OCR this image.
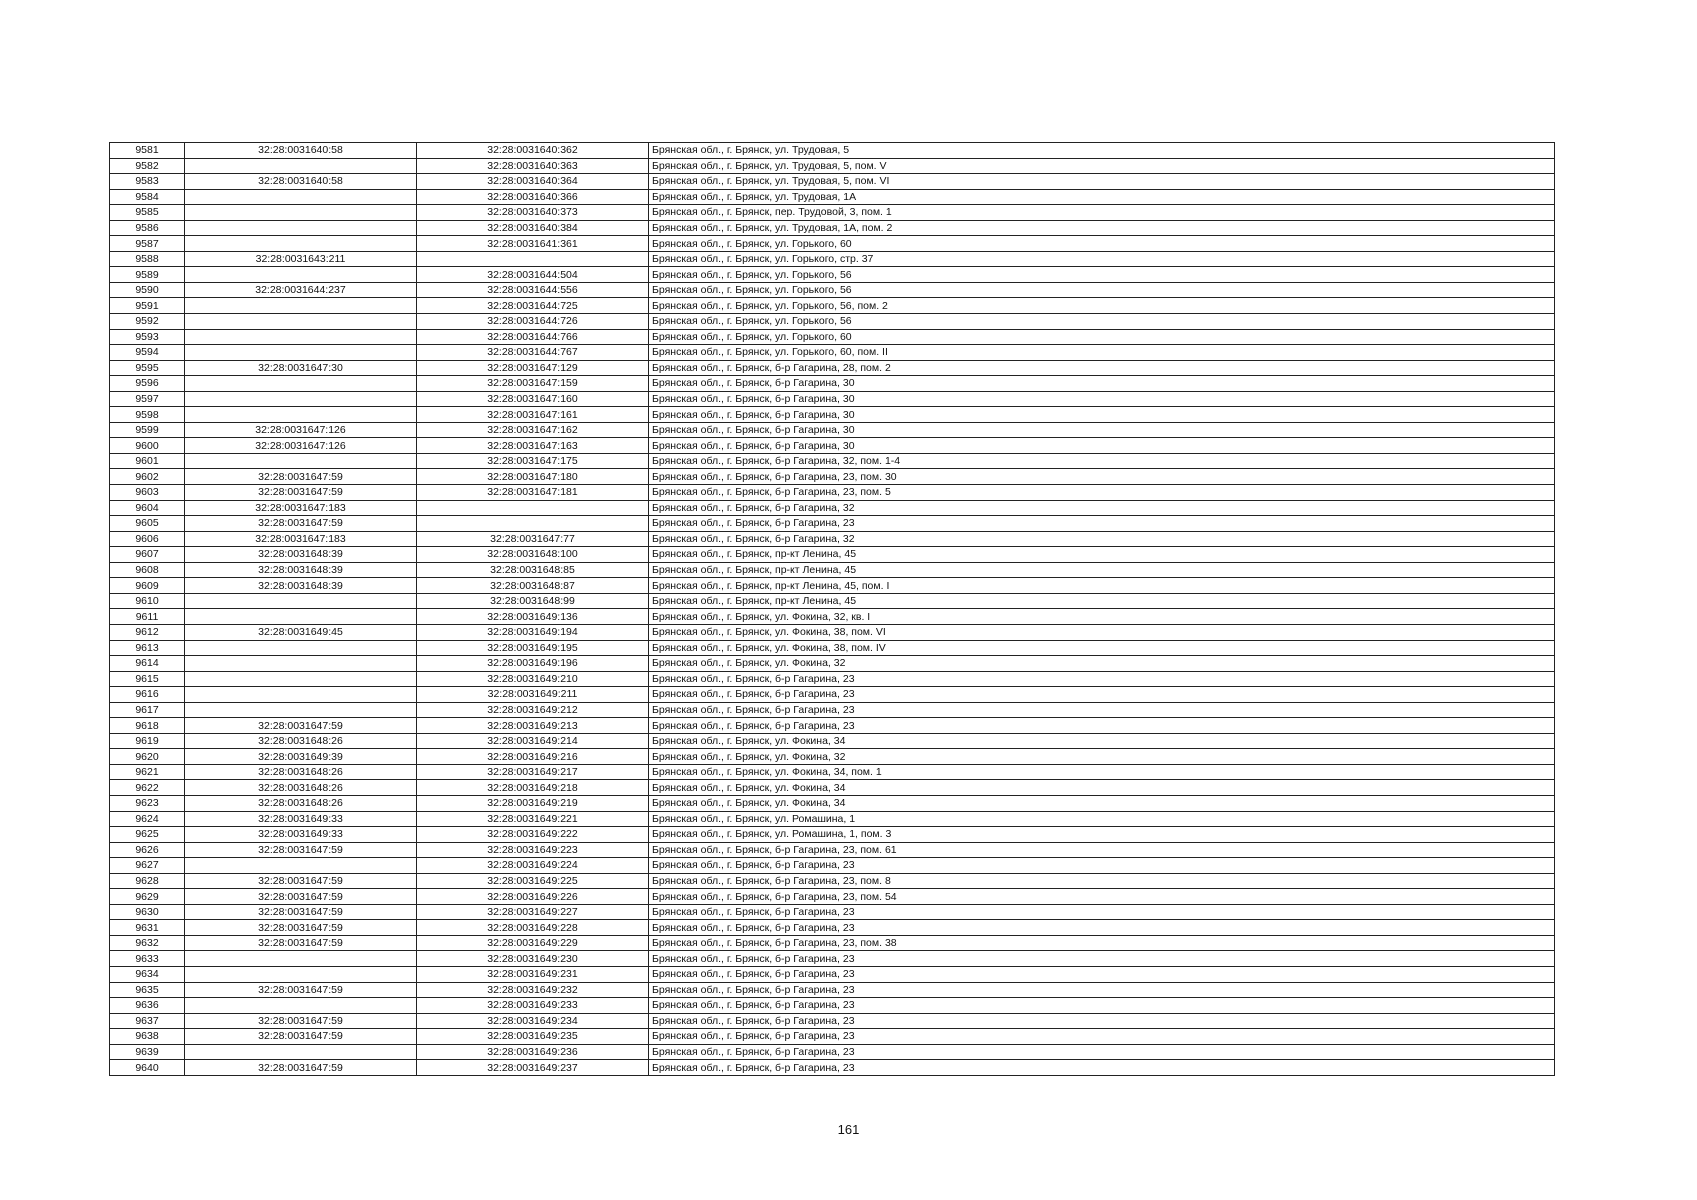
9581	32:28:0031640:58	32:28:0031640:362	Брянская обл., г. Брянск, ул. Трудовая, 5
9582		32:28:0031640:363	Брянская обл., г. Брянск, ул. Трудовая, 5, пом. V
9583	32:28:0031640:58	32:28:0031640:364	Брянская обл., г. Брянск, ул. Трудовая, 5, пом. VI
9584		32:28:0031640:366	Брянская обл., г. Брянск, ул. Трудовая, 1А
9585		32:28:0031640:373	Брянская обл., г. Брянск, пер. Трудовой, 3, пом. 1
9586		32:28:0031640:384	Брянская обл., г. Брянск, ул. Трудовая, 1А, пом. 2
9587		32:28:0031641:361	Брянская обл., г. Брянск, ул. Горького, 60
9588	32:28:0031643:211		Брянская обл., г. Брянск, ул. Горького, стр. 37
9589		32:28:0031644:504	Брянская обл., г. Брянск, ул. Горького, 56
9590	32:28:0031644:237	32:28:0031644:556	Брянская обл., г. Брянск, ул. Горького, 56
9591		32:28:0031644:725	Брянская обл., г. Брянск, ул. Горького, 56, пом. 2
9592		32:28:0031644:726	Брянская обл., г. Брянск, ул. Горького, 56
9593		32:28:0031644:766	Брянская обл., г. Брянск, ул. Горького, 60
9594		32:28:0031644:767	Брянская обл., г. Брянск, ул. Горького, 60, пом. II
9595	32:28:0031647:30	32:28:0031647:129	Брянская обл., г. Брянск, б-р Гагарина, 28, пом. 2
9596		32:28:0031647:159	Брянская обл., г. Брянск, б-р Гагарина, 30
9597		32:28:0031647:160	Брянская обл., г. Брянск, б-р Гагарина, 30
9598		32:28:0031647:161	Брянская обл., г. Брянск, б-р Гагарина, 30
9599	32:28:0031647:126	32:28:0031647:162	Брянская обл., г. Брянск, б-р Гагарина, 30
9600	32:28:0031647:126	32:28:0031647:163	Брянская обл., г. Брянск, б-р Гагарина, 30
9601		32:28:0031647:175	Брянская обл., г. Брянск, б-р Гагарина, 32, пом. 1-4
9602	32:28:0031647:59	32:28:0031647:180	Брянская обл., г. Брянск, б-р Гагарина, 23, пом. 30
9603	32:28:0031647:59	32:28:0031647:181	Брянская обл., г. Брянск, б-р Гагарина, 23, пом. 5
9604	32:28:0031647:183		Брянская обл., г. Брянск, б-р Гагарина, 32
9605	32:28:0031647:59		Брянская обл., г. Брянск, б-р Гагарина, 23
9606	32:28:0031647:183	32:28:0031647:77	Брянская обл., г. Брянск, б-р Гагарина, 32
9607	32:28:0031648:39	32:28:0031648:100	Брянская обл., г. Брянск, пр-кт Ленина, 45
9608	32:28:0031648:39	32:28:0031648:85	Брянская обл., г. Брянск, пр-кт Ленина, 45
9609	32:28:0031648:39	32:28:0031648:87	Брянская обл., г. Брянск, пр-кт Ленина, 45, пом. I
9610		32:28:0031648:99	Брянская обл., г. Брянск, пр-кт Ленина, 45
9611		32:28:0031649:136	Брянская обл., г. Брянск, ул. Фокина, 32, кв. I
9612	32:28:0031649:45	32:28:0031649:194	Брянская обл., г. Брянск, ул. Фокина, 38, пом. VI
9613		32:28:0031649:195	Брянская обл., г. Брянск, ул. Фокина, 38, пом. IV
9614		32:28:0031649:196	Брянская обл., г. Брянск, ул. Фокина, 32
9615		32:28:0031649:210	Брянская обл., г. Брянск, б-р Гагарина, 23
9616		32:28:0031649:211	Брянская обл., г. Брянск, б-р Гагарина, 23
9617		32:28:0031649:212	Брянская обл., г. Брянск, б-р Гагарина, 23
9618	32:28:0031647:59	32:28:0031649:213	Брянская обл., г. Брянск, б-р Гагарина, 23
9619	32:28:0031648:26	32:28:0031649:214	Брянская обл., г. Брянск, ул. Фокина, 34
9620	32:28:0031649:39	32:28:0031649:216	Брянская обл., г. Брянск, ул. Фокина, 32
9621	32:28:0031648:26	32:28:0031649:217	Брянская обл., г. Брянск, ул. Фокина, 34, пом. 1
9622	32:28:0031648:26	32:28:0031649:218	Брянская обл., г. Брянск, ул. Фокина, 34
9623	32:28:0031648:26	32:28:0031649:219	Брянская обл., г. Брянск, ул. Фокина, 34
9624	32:28:0031649:33	32:28:0031649:221	Брянская обл., г. Брянск, ул. Ромашина, 1
9625	32:28:0031649:33	32:28:0031649:222	Брянская обл., г. Брянск, ул. Ромашина, 1, пом. 3
9626	32:28:0031647:59	32:28:0031649:223	Брянская обл., г. Брянск, б-р Гагарина, 23, пом. 61
9627		32:28:0031649:224	Брянская обл., г. Брянск, б-р Гагарина, 23
9628	32:28:0031647:59	32:28:0031649:225	Брянская обл., г. Брянск, б-р Гагарина, 23, пом. 8
9629	32:28:0031647:59	32:28:0031649:226	Брянская обл., г. Брянск, б-р Гагарина, 23, пом. 54
9630	32:28:0031647:59	32:28:0031649:227	Брянская обл., г. Брянск, б-р Гагарина, 23
9631	32:28:0031647:59	32:28:0031649:228	Брянская обл., г. Брянск, б-р Гагарина, 23
9632	32:28:0031647:59	32:28:0031649:229	Брянская обл., г. Брянск, б-р Гагарина, 23, пом. 38
9633		32:28:0031649:230	Брянская обл., г. Брянск, б-р Гагарина, 23
9634		32:28:0031649:231	Брянская обл., г. Брянск, б-р Гагарина, 23
9635	32:28:0031647:59	32:28:0031649:232	Брянская обл., г. Брянск, б-р Гагарина, 23
9636		32:28:0031649:233	Брянская обл., г. Брянск, б-р Гагарина, 23
9637	32:28:0031647:59	32:28:0031649:234	Брянская обл., г. Брянск, б-р Гагарина, 23
9638	32:28:0031647:59	32:28:0031649:235	Брянская обл., г. Брянск, б-р Гагарина, 23
9639		32:28:0031649:236	Брянская обл., г. Брянск, б-р Гагарина, 23
9640	32:28:0031647:59	32:28:0031649:237	Брянская обл., г. Брянск, б-р Гагарина, 23
161
